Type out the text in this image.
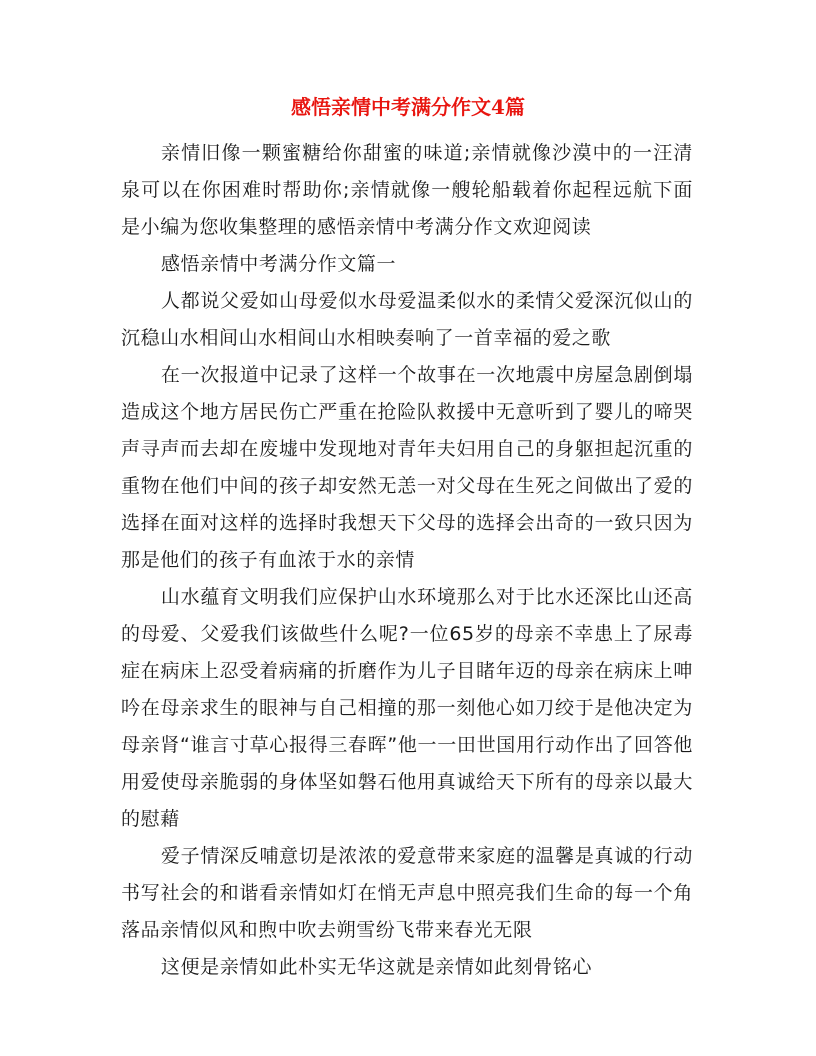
感悟亲情中考满分作文4篇

亲情旧像一颗蜜糖给你甜蜜的味道;亲情就像沙漠中的一汪清泉可以在你困难时帮助你;亲情就像一艘轮船载着你起程远航下面是小编为您收集整理的感悟亲情中考满分作文欢迎阅读

感悟亲情中考满分作文篇一

人都说父爱如山母爱似水母爱温柔似水的柔情父爱深沉似山的沉稳山水相间山水相间山水相映奏响了一首幸福的爱之歌

在一次报道中记录了这样一个故事在一次地震中房屋急剧倒塌造成这个地方居民伤亡严重在抢险队救援中无意听到了婴儿的啼哭声寻声而去却在废墟中发现地对青年夫妇用自己的身躯担起沉重的重物在他们中间的孩子却安然无恙一对父母在生死之间做出了爱的选择在面对这样的选择时我想天下父母的选择会出奇的一致只因为那是他们的孩子有血浓于水的亲情

山水蕴育文明我们应保护山水环境那么对于比水还深比山还高的母爱、父爱我们该做些什么呢?一位65岁的母亲不幸患上了尿毒症在病床上忍受着病痛的折磨作为儿子目睹年迈的母亲在病床上呻吟在母亲求生的眼神与自己相撞的那一刻他心如刀绞于是他决定为母亲肾“谁言寸草心报得三春晖”他一一田世国用行动作出了回答他用爱使母亲脆弱的身体坚如磐石他用真诚给天下所有的母亲以最大的慰藉

爱子情深反哺意切是浓浓的爱意带来家庭的温馨是真诚的行动书写社会的和谐看亲情如灯在悄无声息中照亮我们生命的每一个角落品亲情似风和煦中吹去朔雪纷飞带来春光无限

这便是亲情如此朴实无华这就是亲情如此刻骨铭心
